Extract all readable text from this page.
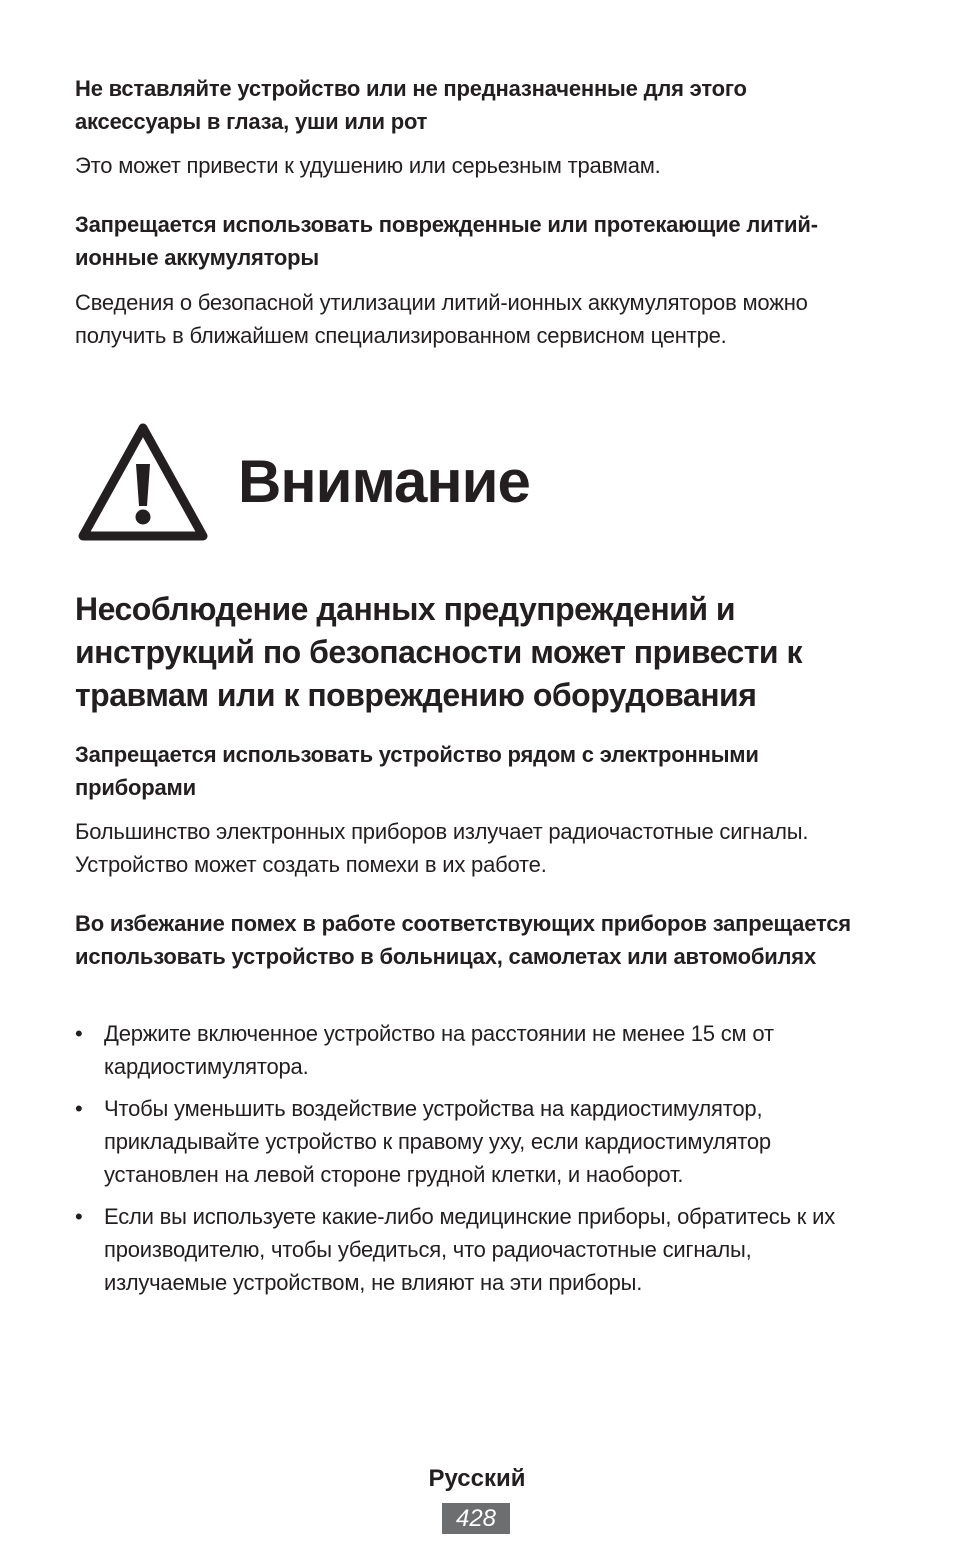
Не вставляйте устройство или не предназначенные для этого аксессуары в глаза, уши или рот

Это может привести к удушению или серьезным травмам.

Запрещается использовать поврежденные или протекающие литий-ионные аккумуляторы

Сведения о безопасной утилизации литий-ионных аккумуляторов можно получить в ближайшем специализированном сервисном центре.

Внимание
Несоблюдение данных предупреждений и инструкций по безопасности может привести к травмам или к повреждению оборудования

Запрещается использовать устройство рядом с электронными приборами

Большинство электронных приборов излучает радиочастотные сигналы. Устройство может создать помехи в их работе.

Во избежание помех в работе соответствующих приборов запрещается использовать устройство в больницах, самолетах или автомобилях

• Держите включенное устройство на расстоянии не менее 15 см от кардиостимулятора.
• Чтобы уменьшить воздействие устройства на кардиостимулятор, прикладывайте устройство к правому уху, если кардиостимулятор установлен на левой стороне грудной клетки, и наоборот.
• Если вы используете какие-либо медицинские приборы, обратитесь к их производителю, чтобы убедиться, что радиочастотные сигналы, излучаемые устройством, не влияют на эти приборы.
Русский
428
